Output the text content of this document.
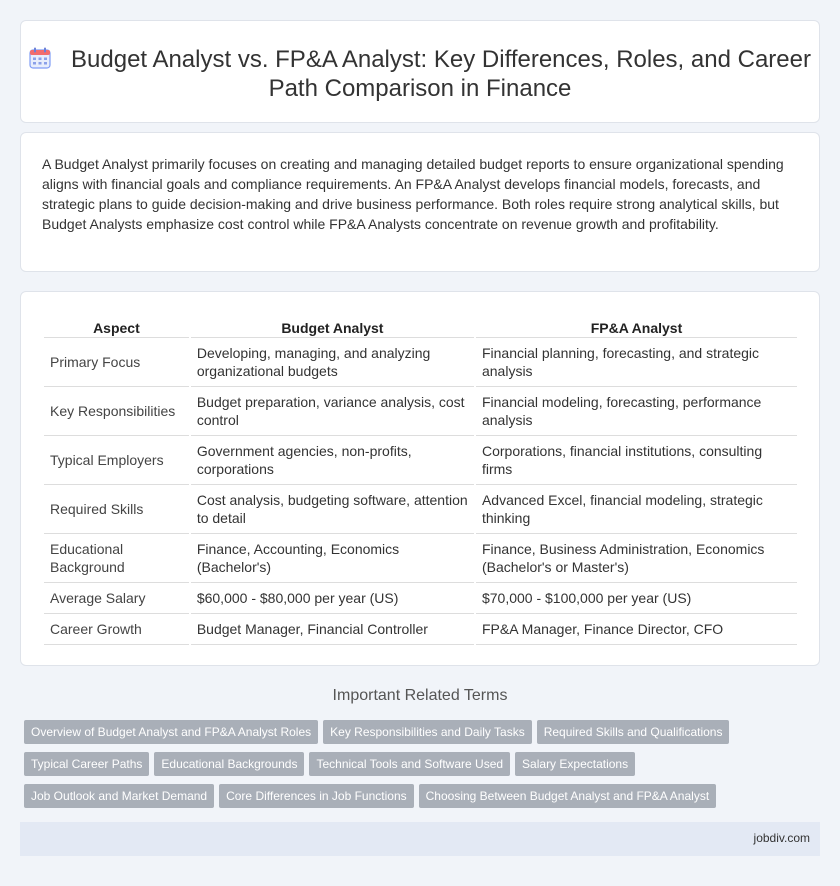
Budget Analyst vs. FP&A Analyst: Key Differences, Roles, and Career Path Comparison in Finance

A Budget Analyst primarily focuses on creating and managing detailed budget reports to ensure organizational spending aligns with financial goals and compliance requirements. An FP&A Analyst develops financial models, forecasts, and strategic plans to guide decision-making and drive business performance. Both roles require strong analytical skills, but Budget Analysts emphasize cost control while FP&A Analysts concentrate on revenue growth and profitability.

Aspect	Budget Analyst	FP&A Analyst
Primary Focus	Developing, managing, and analyzing organizational budgets	Financial planning, forecasting, and strategic analysis
Key Responsibilities	Budget preparation, variance analysis, cost control	Financial modeling, forecasting, performance analysis
Typical Employers	Government agencies, non-profits, corporations	Corporations, financial institutions, consulting firms
Required Skills	Cost analysis, budgeting software, attention to detail	Advanced Excel, financial modeling, strategic thinking
Educational Background	Finance, Accounting, Economics (Bachelor's)	Finance, Business Administration, Economics (Bachelor's or Master's)
Average Salary	$60,000 - $80,000 per year (US)	$70,000 - $100,000 per year (US)
Career Growth	Budget Manager, Financial Controller	FP&A Manager, Finance Director, CFO
Important Related Terms
Overview of Budget Analyst and FP&A Analyst Roles Key Responsibilities and Daily Tasks Required Skills and Qualifications
Typical Career Paths Educational Backgrounds Technical Tools and Software Used Salary Expectations
Job Outlook and Market Demand Core Differences in Job Functions Choosing Between Budget Analyst and FP&A Analyst
jobdiv.com
